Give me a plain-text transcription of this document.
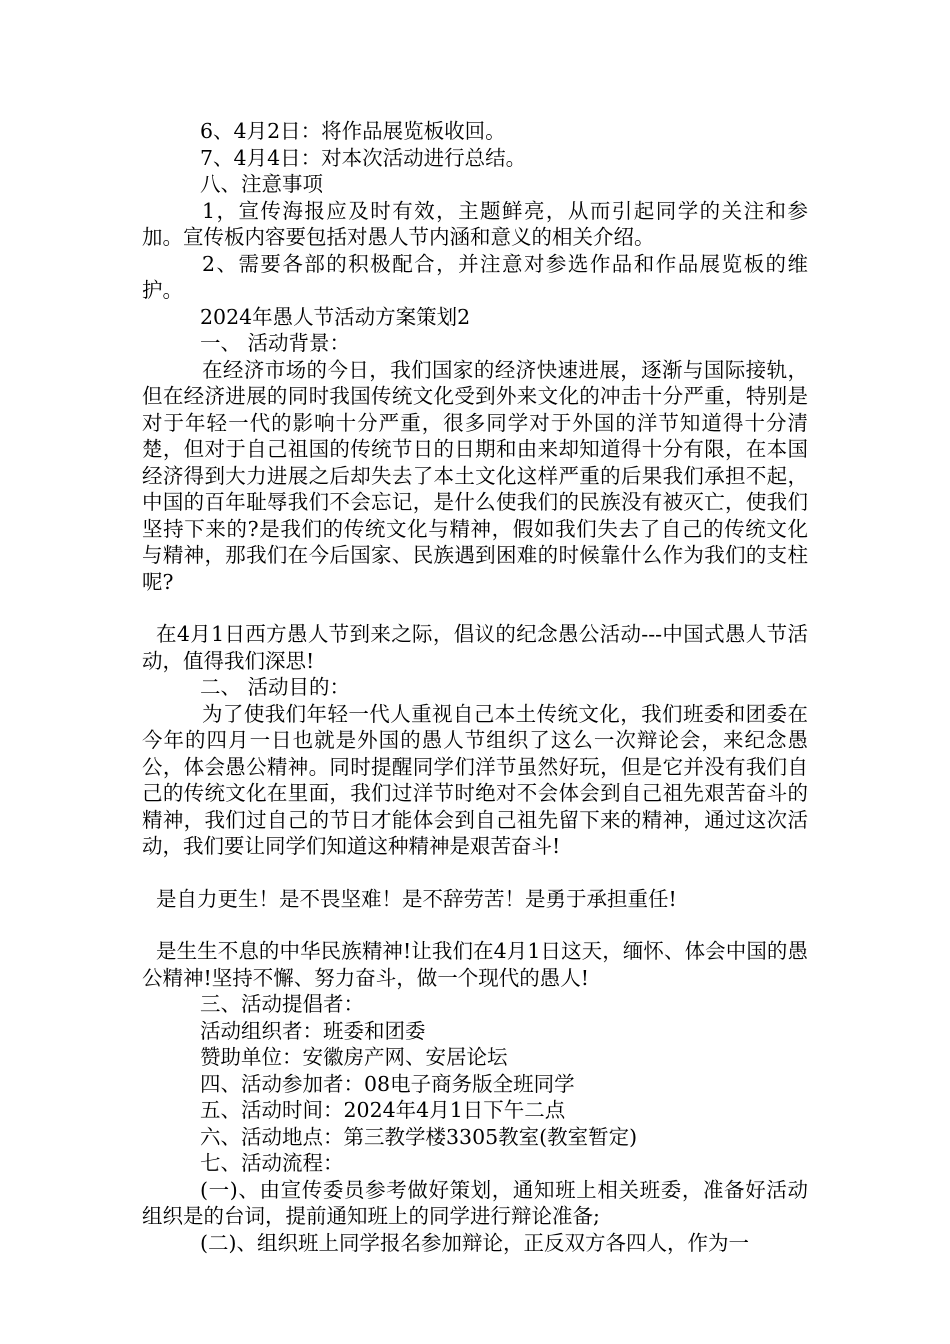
6、4月2日：将作品展览板收回。

7、4月4日：对本次活动进行总结。

八、注意事项

1，宣传海报应及时有效，主题鲜亮，从而引起同学的关注和参加。宣传板内容要包括对愚人节内涵和意义的相关介绍。

2、需要各部的积极配合，并注意对参选作品和作品展览板的维护。

2024年愚人节活动方案策划2

一、 活动背景：

在经济市场的今日，我们国家的经济快速进展，逐渐与国际接轨，但在经济进展的同时我国传统文化受到外来文化的冲击十分严重，特别是对于年轻一代的影响十分严重，很多同学对于外国的洋节知道得十分清楚，但对于自己祖国的传统节日的日期和由来却知道得十分有限，在本国经济得到大力进展之后却失去了本土文化这样严重的后果我们承担不起，中国的百年耻辱我们不会忘记，是什么使我们的民族没有被灭亡，使我们坚持下来的?是我们的传统文化与精神，假如我们失去了自己的传统文化与精神，那我们在今后国家、民族遇到困难的时候靠什么作为我们的支柱呢?

在4月1日西方愚人节到来之际，倡议的纪念愚公活动---中国式愚人节活动，值得我们深思!

二、 活动目的：

为了使我们年轻一代人重视自己本土传统文化，我们班委和团委在今年的四月一日也就是外国的愚人节组织了这么一次辩论会，来纪念愚公，体会愚公精神。同时提醒同学们洋节虽然好玩，但是它并没有我们自己的传统文化在里面，我们过洋节时绝对不会体会到自己祖先艰苦奋斗的精神，我们过自己的节日才能体会到自己祖先留下来的精神，通过这次活动，我们要让同学们知道这种精神是艰苦奋斗!

是自力更生！是不畏坚难！是不辞劳苦！是勇于承担重任!

是生生不息的中华民族精神!让我们在4月1日这天，缅怀、体会中国的愚公精神!坚持不懈、努力奋斗，做一个现代的愚人!

三、活动提倡者：

活动组织者：班委和团委

赞助单位：安徽房产网、安居论坛

四、活动参加者：08电子商务版全班同学

五、活动时间：2024年4月1日下午二点

六、活动地点：第三教学楼3305教室(教室暂定)

七、活动流程：

(一)、由宣传委员参考做好策划，通知班上相关班委，准备好活动组织是的台词，提前通知班上的同学进行辩论准备;

(二)、组织班上同学报名参加辩论，正反双方各四人，作为一
